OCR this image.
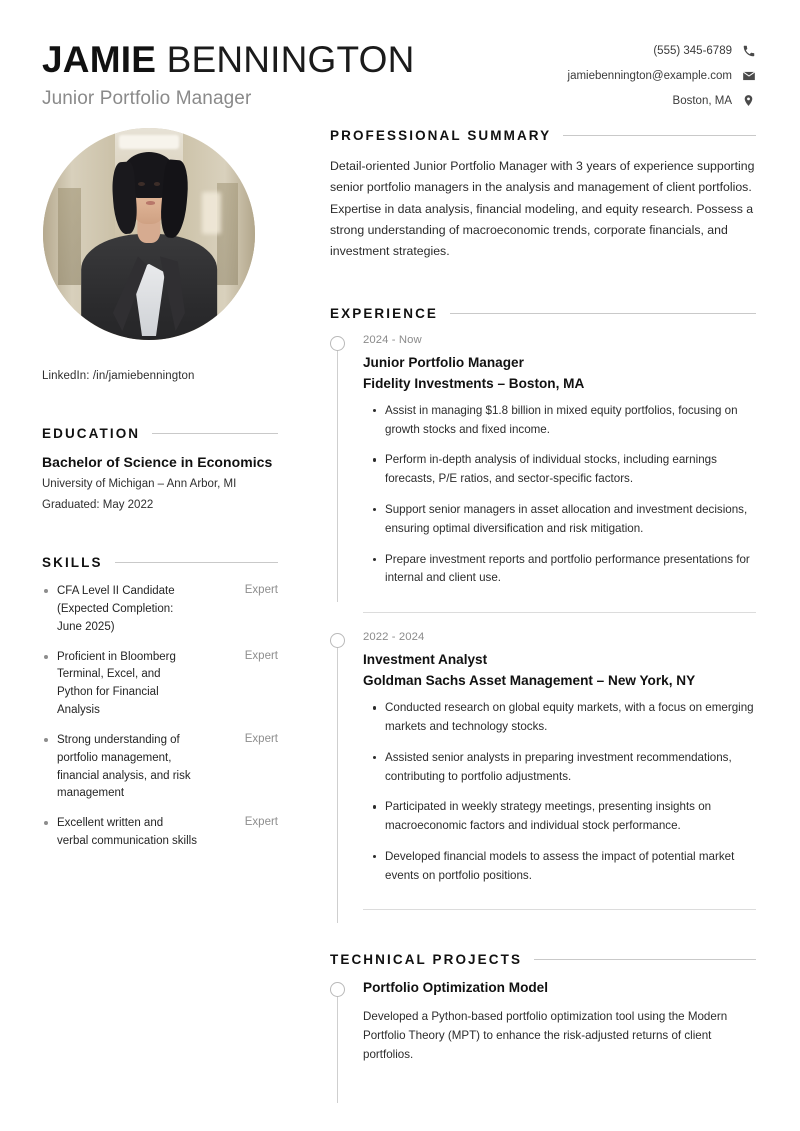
JAMIE BENNINGTON
Junior Portfolio Manager
(555) 345-6789
jamiebennington@example.com
Boston, MA
LinkedIn: /in/jamiebennington
EDUCATION
Bachelor of Science in Economics
University of Michigan – Ann Arbor, MI
Graduated: May 2022
SKILLS
CFA Level II Candidate (Expected Completion: June 2025)
Expert
Proficient in Bloomberg Terminal, Excel, and Python for Financial Analysis
Expert
Strong understanding of portfolio management, financial analysis, and risk management
Expert
Excellent written and verbal communication skills
Expert
PROFESSIONAL SUMMARY

Detail-oriented Junior Portfolio Manager with 3 years of experience supporting senior portfolio managers in the analysis and management of client portfolios. Expertise in data analysis, financial modeling, and equity research. Possess a strong understanding of macroeconomic trends, corporate financials, and investment strategies.

EXPERIENCE
2024 - Now
Junior Portfolio Manager
Fidelity Investments – Boston, MA
Assist in managing $1.8 billion in mixed equity portfolios, focusing on growth stocks and fixed income.
Perform in-depth analysis of individual stocks, including earnings forecasts, P/E ratios, and sector-specific factors.
Support senior managers in asset allocation and investment decisions, ensuring optimal diversification and risk mitigation.
Prepare investment reports and portfolio performance presentations for internal and client use.
2022 - 2024
Investment Analyst
Goldman Sachs Asset Management – New York, NY
Conducted research on global equity markets, with a focus on emerging markets and technology stocks.
Assisted senior analysts in preparing investment recommendations, contributing to portfolio adjustments.
Participated in weekly strategy meetings, presenting insights on macroeconomic factors and individual stock performance.
Developed financial models to assess the impact of potential market events on portfolio positions.
TECHNICAL PROJECTS
Portfolio Optimization Model

Developed a Python-based portfolio optimization tool using the Modern Portfolio Theory (MPT) to enhance the risk-adjusted returns of client portfolios.
